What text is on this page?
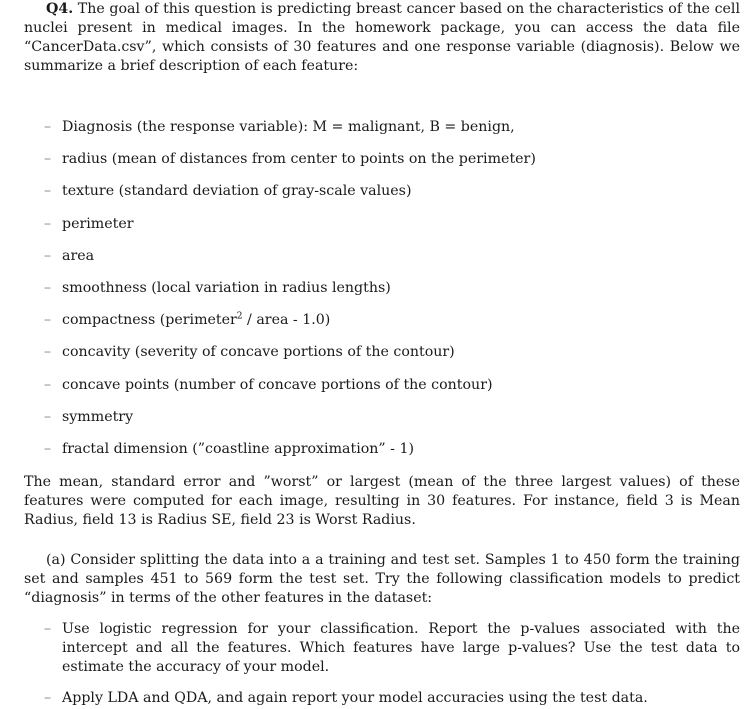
Q4. The goal of this question is predicting breast cancer based on the characteristics of the cell nuclei present in medical images. In the homework package, you can access the data file “CancerData.csv”, which consists of 30 features and one response variable (diagnosis). Below we summarize a brief description of each feature:

– Diagnosis (the response variable): M = malignant, B = benign,
– radius (mean of distances from center to points on the perimeter)
– texture (standard deviation of gray-scale values)
– perimeter
– area
– smoothness (local variation in radius lengths)
– compactness (perimeter$^2$ / area - 1.0)
– concavity (severity of concave portions of the contour)
– concave points (number of concave portions of the contour)
– symmetry
– fractal dimension (”coastline approximation” - 1)

The mean, standard error and ”worst” or largest (mean of the three largest values) of these features were computed for each image, resulting in 30 features. For instance, field 3 is Mean Radius, field 13 is Radius SE, field 23 is Worst Radius.

(a) Consider splitting the data into a a training and test set. Samples 1 to 450 form the training set and samples 451 to 569 form the test set. Try the following classification models to predict “diagnosis” in terms of the other features in the dataset:

– Use logistic regression for your classification. Report the p-values associated with the intercept and all the features. Which features have large p-values? Use the test data to estimate the accuracy of your model.
– Apply LDA and QDA, and again report your model accuracies using the test data.
